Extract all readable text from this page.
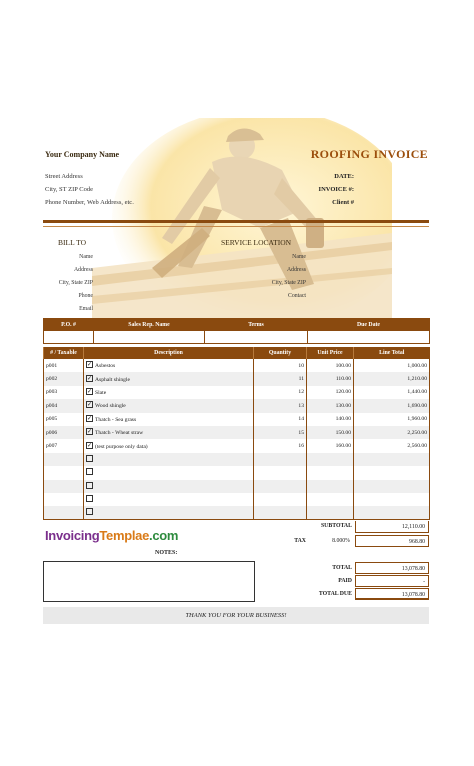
Your Company Name
Street Address
City, ST ZIP Code
Phone Number, Web Address, etc.
ROOFING INVOICE
DATE:
INVOICE #:
Client #
BILL TO
Name
Address
City, State ZIP
Phone
Email
SERVICE LOCATION
Name
Address
City, State ZIP
Contact
P.O. #	Sales Rep. Name	Terms	Due Date

# / Taxable	Description	Quantity	Unit Price	Line Total
p001	✓ Asbestos	10	100.00	1,000.00
p002	✓ Asphalt shingle	11	110.00	1,210.00
p003	✓ Slate	12	120.00	1,440.00
p004	✓ Wood shingle	13	130.00	1,690.00
p005	✓ Thatch - Sea grass	14	140.00	1,960.00
p006	✓ Thatch - Wheat straw	15	150.00	2,250.00
p007	✓ (test purpose only data)	16	160.00	2,560.00

InvoicingTemplae.com
SUBTOTAL	12,110.00
TAX	8.000%	968.80
TOTAL	13,078.80
PAID	-
TOTAL DUE	13,078.80
NOTES:
THANK YOU FOR YOUR BUSINESS!
